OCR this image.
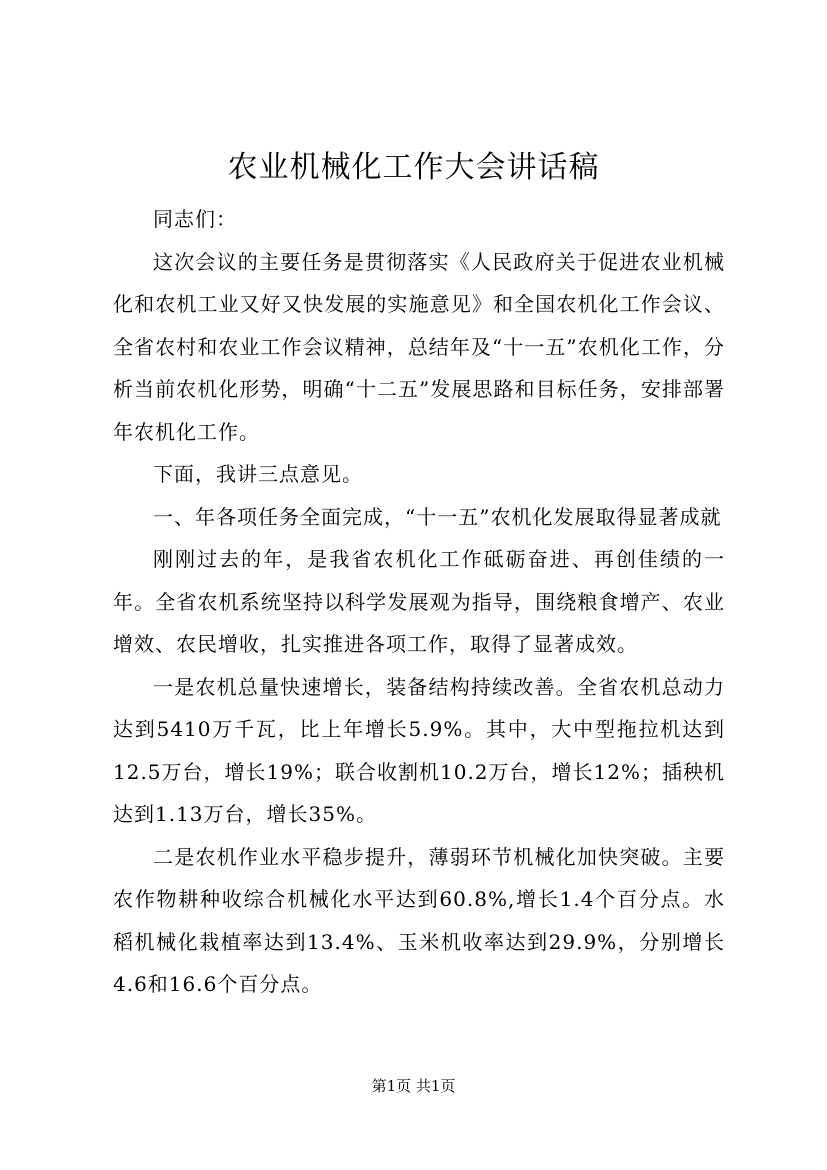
农业机械化工作大会讲话稿

同志们：

这次会议的主要任务是贯彻落实《人民政府关于促进农业机械化和农机工业又好又快发展的实施意见》和全国农机化工作会议、全省农村和农业工作会议精神，总结年及“十一五”农机化工作，分析当前农机化形势，明确“十二五”发展思路和目标任务，安排部署年农机化工作。

下面，我讲三点意见。

一、年各项任务全面完成，“十一五”农机化发展取得显著成就

刚刚过去的年，是我省农机化工作砥砺奋进、再创佳绩的一年。全省农机系统坚持以科学发展观为指导，围绕粮食增产、农业增效、农民增收，扎实推进各项工作，取得了显著成效。

一是农机总量快速增长，装备结构持续改善。全省农机总动力达到5410万千瓦，比上年增长5.9%。其中，大中型拖拉机达到12.5万台，增长19%；联合收割机10.2万台，增长12%；插秧机达到1.13万台，增长35%。

二是农机作业水平稳步提升，薄弱环节机械化加快突破。主要农作物耕种收综合机械化水平达到60.8%,增长1.4个百分点。水稻机械化栽植率达到13.4%、玉米机收率达到29.9%，分别增长4.6和16.6个百分点。

第1页 共1页
